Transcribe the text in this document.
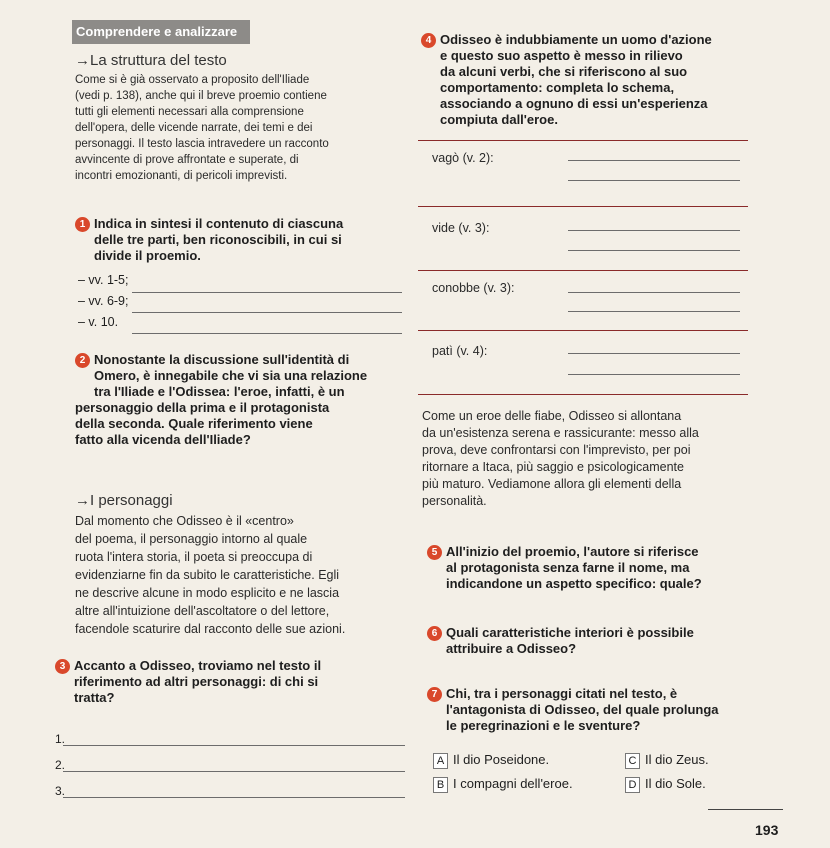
Comprendere e analizzare
→La struttura del testo
Come si è già osservato a proposito dell'Iliade
(vedi p. 138), anche qui il breve proemio contiene
tutti gli elementi necessari alla comprensione
dell'opera, delle vicende narrate, dei temi e dei
personaggi. Il testo lascia intravedere un racconto
avvincente di prove affrontate e superate, di
incontri emozionanti, di pericoli imprevisti.
1 Indica in sintesi il contenuto di ciascuna
delle tre parti, ben riconoscibili, in cui si
divide il proemio.
– vv. 1-5;
– vv. 6-9;
– v. 10.
2 Nonostante la discussione sull'identità di
Omero, è innegabile che vi sia una relazione
tra l'Iliade e l'Odissea: l'eroe, infatti, è un
personaggio della prima e il protagonista
della seconda. Quale riferimento viene
fatto alla vicenda dell'Iliade?
→I personaggi
Dal momento che Odisseo è il «centro»
del poema, il personaggio intorno al quale
ruota l'intera storia, il poeta si preoccupa di
evidenziarne fin da subito le caratteristiche. Egli
ne descrive alcune in modo esplicito e ne lascia
altre all'intuizione dell'ascoltatore o del lettore,
facendole scaturire dal racconto delle sue azioni.
3 Accanto a Odisseo, troviamo nel testo il
riferimento ad altri personaggi: di chi si
tratta?
1.
2.
3.
4 Odisseo è indubbiamente un uomo d'azione
e questo suo aspetto è messo in rilievo
da alcuni verbi, che si riferiscono al suo
comportamento: completa lo schema,
associando a ognuno di essi un'esperienza
compiuta dall'eroe.
vagò (v. 2):
vide (v. 3):
conobbe (v. 3):
patì (v. 4):
Come un eroe delle fiabe, Odisseo si allontana
da un'esistenza serena e rassicurante: messo alla
prova, deve confrontarsi con l'imprevisto, per poi
ritornare a Itaca, più saggio e psicologicamente
più maturo. Vediamone allora gli elementi della
personalità.
5 All'inizio del proemio, l'autore si riferisce
al protagonista senza farne il nome, ma
indicandone un aspetto specifico: quale?
6 Quali caratteristiche interiori è possibile
attribuire a Odisseo?
7 Chi, tra i personaggi citati nel testo, è
l'antagonista di Odisseo, del quale prolunga
le peregrinazioni e le sventure?
A Il dio Poseidone.	C Il dio Zeus.
B I compagni dell'eroe.	D Il dio Sole.
193
